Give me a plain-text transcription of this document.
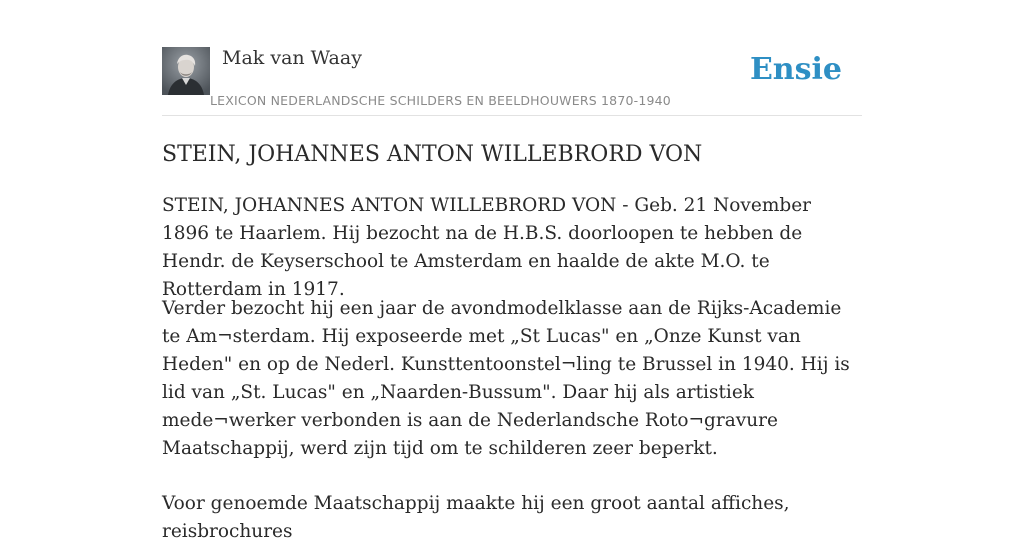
Mak van Waay
LEXICON NEDERLANDSCHE SCHILDERS EN BEELDHOUWERS 1870-1940
Ensie
STEIN, JOHANNES ANTON WILLEBRORD VON

STEIN, JOHANNES ANTON WILLEBRORD VON - Geb. 21 November 1896 te Haarlem. Hij bezocht na de H.B.S. doorloopen te hebben de Hendr. de Keyserschool te Amsterdam en haalde de akte M.O. te Rotterdam in 1917.

Verder bezocht hij een jaar de avondmodelklasse aan de Rijks-Academie te Am¬sterdam. Hij exposeerde met „St Lucas" en „Onze Kunst van Heden" en op de Nederl. Kunsttentoonstel¬ling te Brussel in 1940. Hij is lid van „St. Lucas" en „Naarden-Bussum". Daar hij als artistiek mede¬werker verbonden is aan de Nederlandsche Roto¬gravure Maatschappij, werd zijn tijd om te schilderen zeer beperkt.

Voor genoemde Maatschappij maakte hij een groot aantal affiches, reisbrochures
